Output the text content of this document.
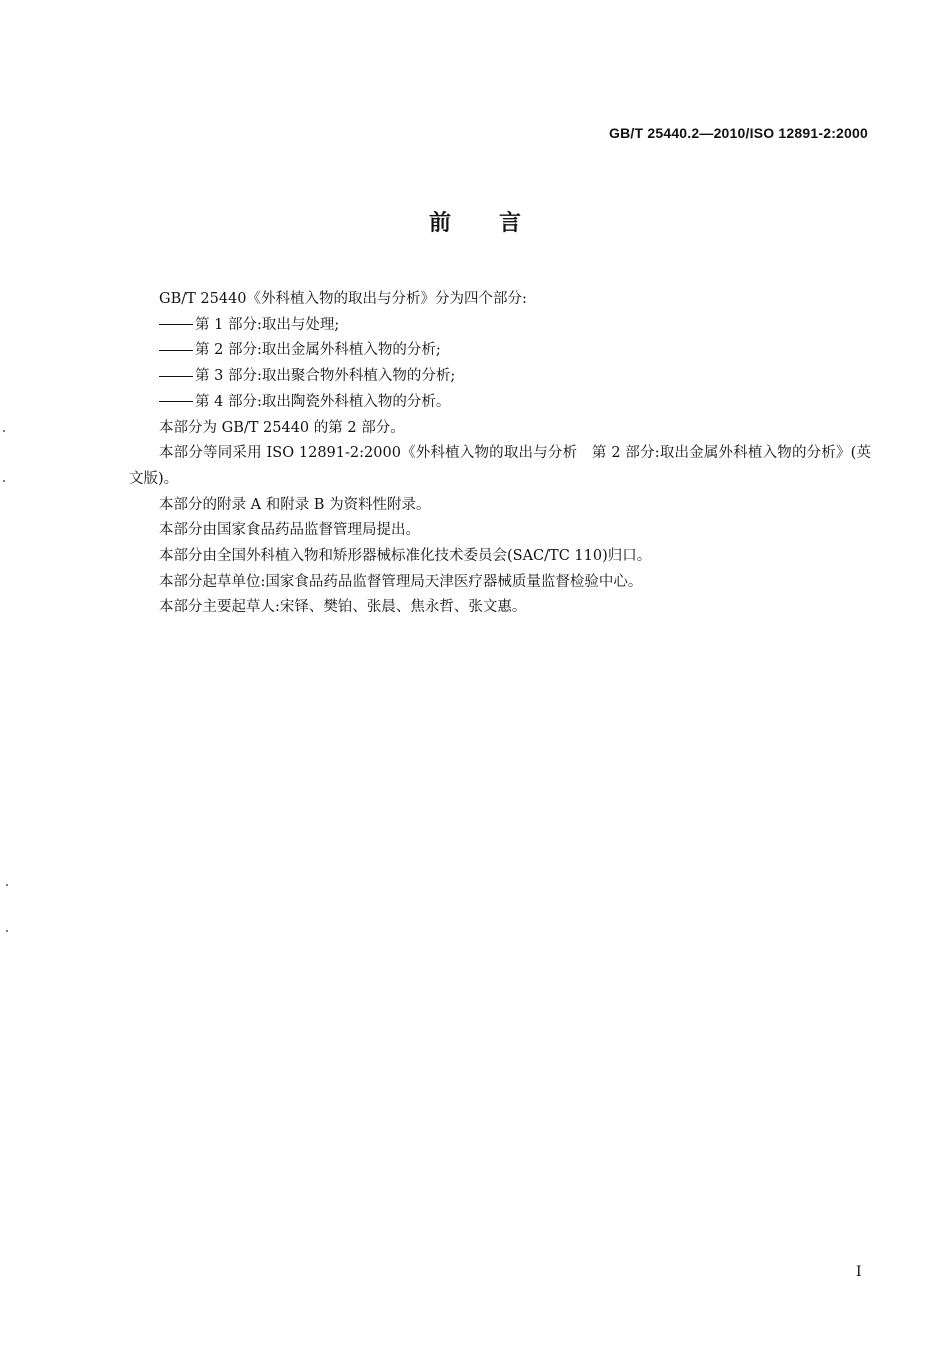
GB/T 25440.2—2010/ISO 12891-2:2000
前 言

GB/T 25440《外科植入物的取出与分析》分为四个部分:

第 1 部分:取出与处理;

第 2 部分:取出金属外科植入物的分析;

第 3 部分:取出聚合物外科植入物的分析;

第 4 部分:取出陶瓷外科植入物的分析。

本部分为 GB/T 25440 的第 2 部分。

本部分等同采用 ISO 12891-2:2000《外科植入物的取出与分析　第 2 部分:取出金属外科植入物的分析》(英文版)。

本部分的附录 A 和附录 B 为资料性附录。

本部分由国家食品药品监督管理局提出。

本部分由全国外科植入物和矫形器械标准化技术委员会(SAC/TC 110)归口。

本部分起草单位:国家食品药品监督管理局天津医疗器械质量监督检验中心。

本部分主要起草人:宋铎、樊铂、张晨、焦永哲、张文惠。

I
